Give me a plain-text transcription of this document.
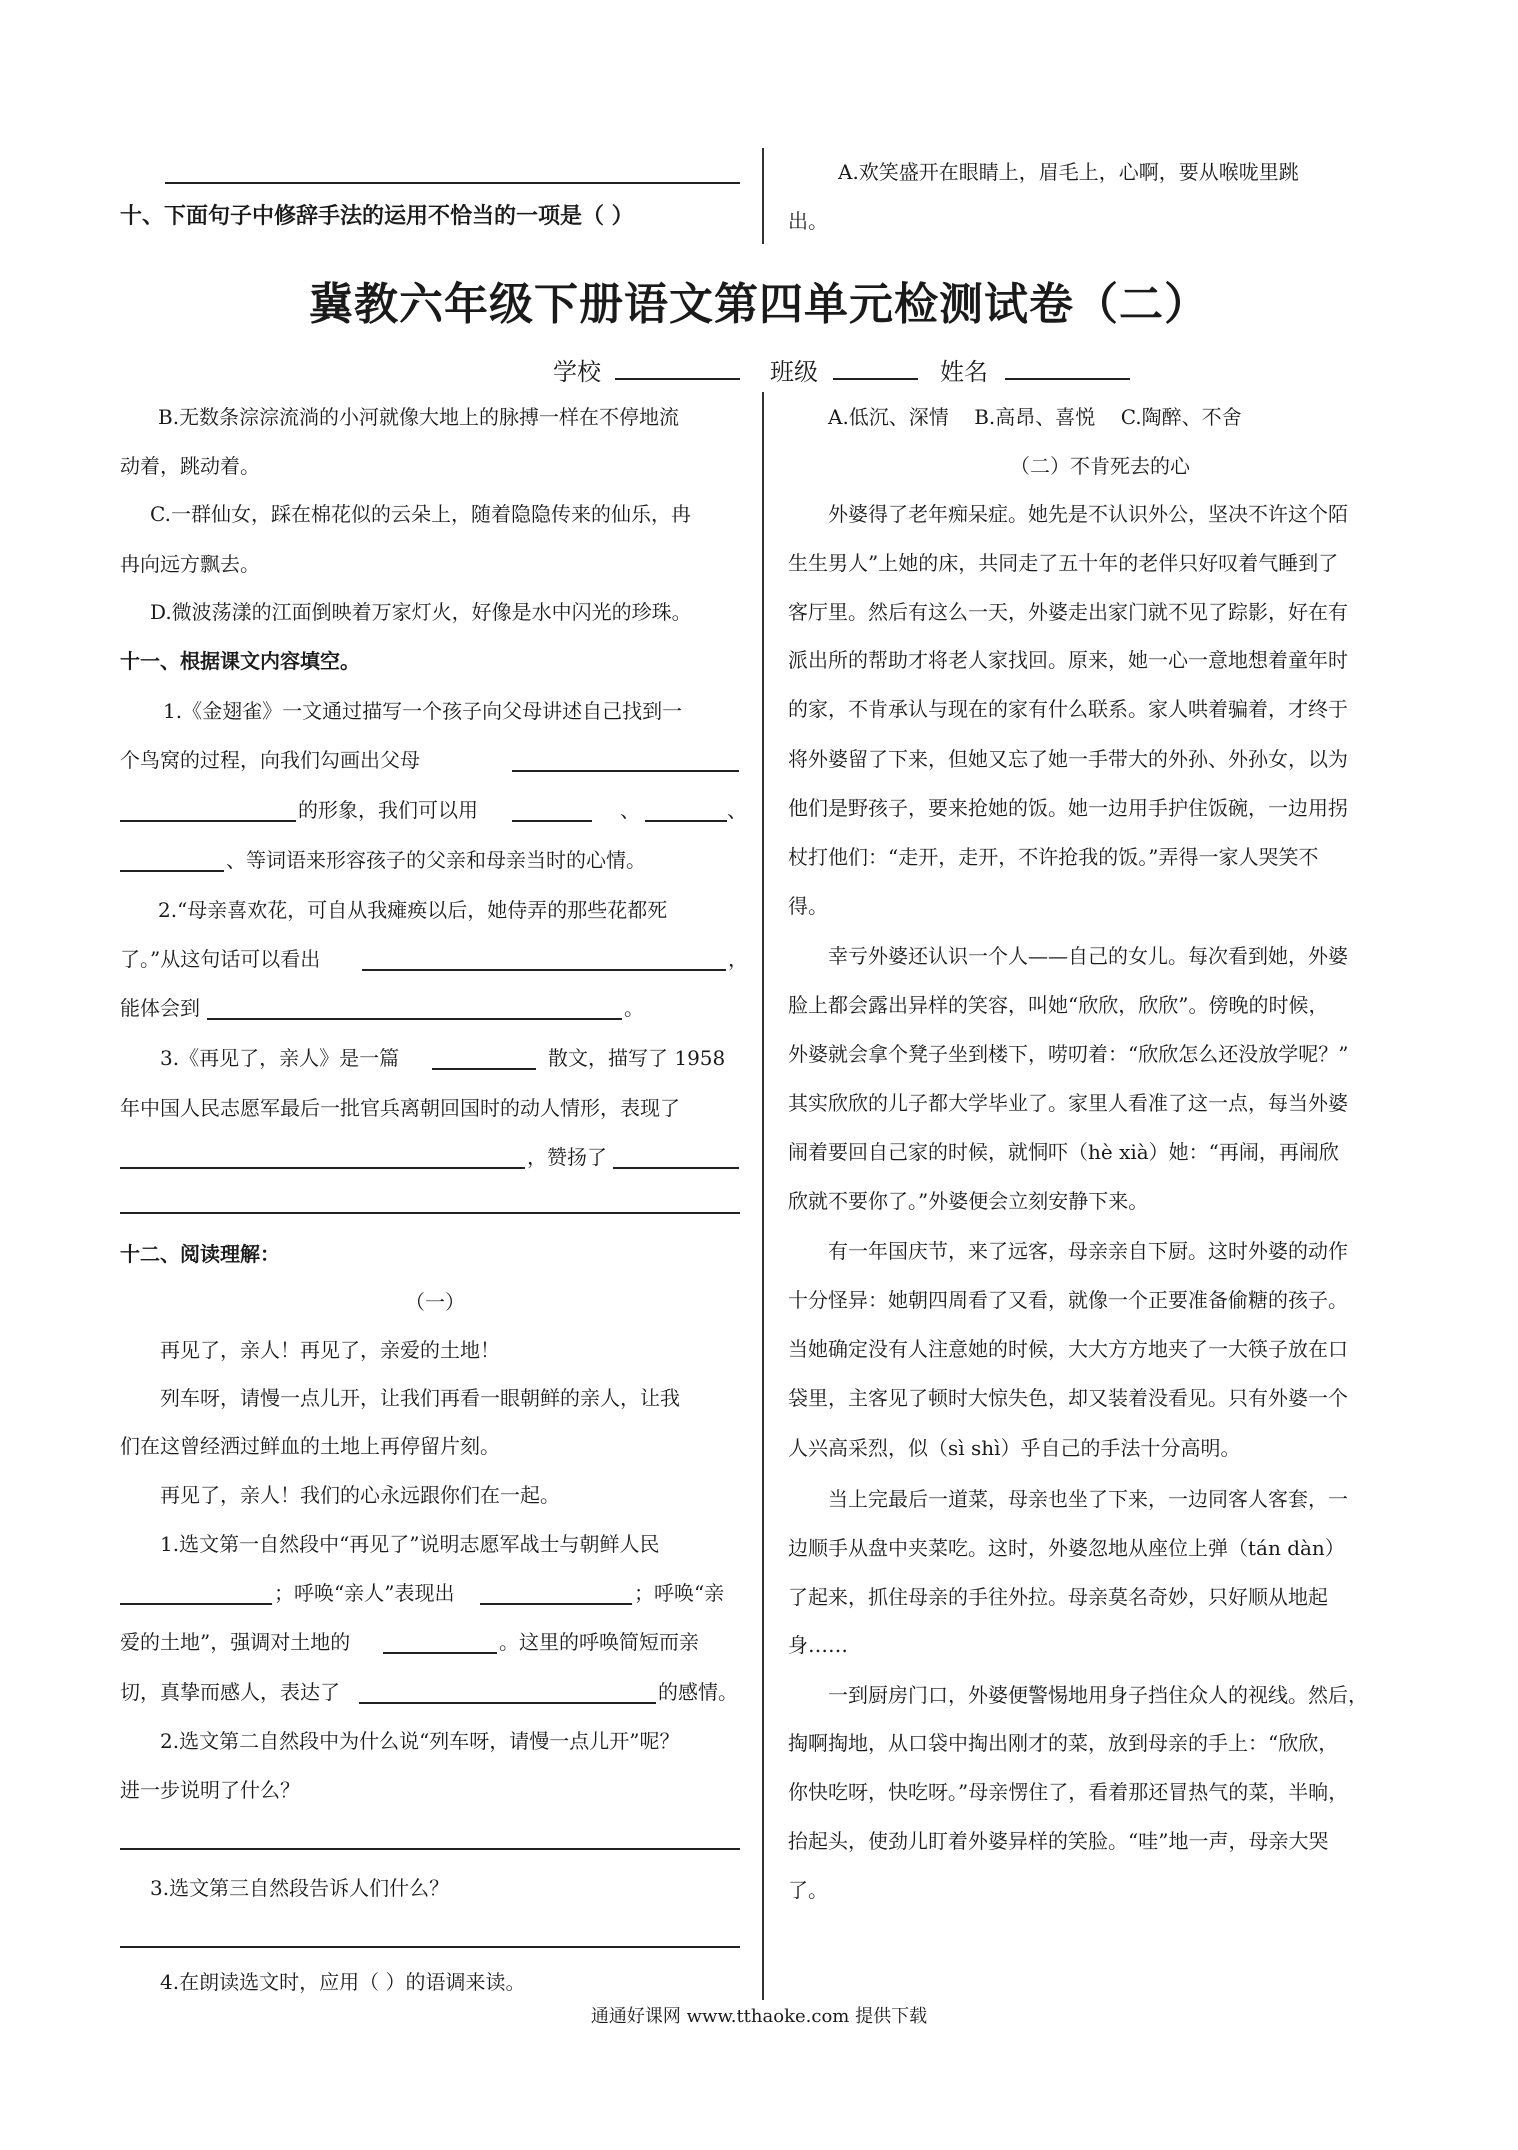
十、下面句子中修辞手法的运用不恰当的一项是（ ）
A.欢笑盛开在眼睛上，眉毛上，心啊，要从喉咙里跳
出。
冀教六年级下册语文第四单元检测试卷（二）
学校	班级	姓名
B.无数条淙淙流淌的小河就像大地上的脉搏一样在不停地流
动着，跳动着。
C.一群仙女，踩在棉花似的云朵上，随着隐隐传来的仙乐，冉
冉向远方飘去。
D.微波荡漾的江面倒映着万家灯火，好像是水中闪光的珍珠。
十一、根据课文内容填空。
1.《金翅雀》一文通过描写一个孩子向父母讲述自己找到一
个鸟窝的过程，向我们勾画出父母
的形象，我们可以用	、	、
、等词语来形容孩子的父亲和母亲当时的心情。
2.“母亲喜欢花，可自从我瘫痪以后，她侍弄的那些花都死
了。”从这句话可以看出	，
能体会到	。
3.《再见了，亲人》是一篇	散文，描写了 1958
年中国人民志愿军最后一批官兵离朝回国时的动人情形，表现了
，赞扬了
十二、阅读理解：
（一）
再见了，亲人！再见了，亲爱的土地！
列车呀，请慢一点儿开，让我们再看一眼朝鲜的亲人，让我
们在这曾经洒过鲜血的土地上再停留片刻。
再见了，亲人！我们的心永远跟你们在一起。
1.选文第一自然段中“再见了”说明志愿军战士与朝鲜人民
；呼唤“亲人”表现出	；呼唤“亲
爱的土地”，强调对土地的	。这里的呼唤简短而亲
切，真挚而感人，表达了	的感情。
2.选文第二自然段中为什么说“列车呀，请慢一点儿开”呢？
进一步说明了什么？
3.选文第三自然段告诉人们什么？
4.在朗读选文时，应用（ ）的语调来读。
A.低沉、深情    B.高昂、喜悦    C.陶醉、不舍
（二）不肯死去的心
外婆得了老年痴呆症。她先是不认识外公，坚决不许这个陌
生生男人”上她的床，共同走了五十年的老伴只好叹着气睡到了
客厅里。然后有这么一天，外婆走出家门就不见了踪影，好在有
派出所的帮助才将老人家找回。原来，她一心一意地想着童年时
的家，不肯承认与现在的家有什么联系。家人哄着骗着，才终于
将外婆留了下来，但她又忘了她一手带大的外孙、外孙女，以为
他们是野孩子，要来抢她的饭。她一边用手护住饭碗，一边用拐
杖打他们：“走开，走开，不许抢我的饭。”弄得一家人哭笑不
得。
幸亏外婆还认识一个人——自己的女儿。每次看到她，外婆
脸上都会露出异样的笑容，叫她“欣欣，欣欣”。傍晚的时候，
外婆就会拿个凳子坐到楼下，唠叨着：“欣欣怎么还没放学呢？”
其实欣欣的儿子都大学毕业了。家里人看准了这一点，每当外婆
闹着要回自己家的时候，就恫吓（hè xià）她：“再闹，再闹欣
欣就不要你了。”外婆便会立刻安静下来。
有一年国庆节，来了远客，母亲亲自下厨。这时外婆的动作
十分怪异：她朝四周看了又看，就像一个正要准备偷糖的孩子。
当她确定没有人注意她的时候，大大方方地夹了一大筷子放在口
袋里，主客见了顿时大惊失色，却又装着没看见。只有外婆一个
人兴高采烈，似（sì shì）乎自己的手法十分高明。
当上完最后一道菜，母亲也坐了下来，一边同客人客套，一
边顺手从盘中夹菜吃。这时，外婆忽地从座位上弹（tán dàn）
了起来，抓住母亲的手往外拉。母亲莫名奇妙，只好顺从地起
身……
一到厨房门口，外婆便警惕地用身子挡住众人的视线。然后，
掏啊掏地，从口袋中掏出刚才的菜，放到母亲的手上：“欣欣，
你快吃呀，快吃呀。”母亲愣住了，看着那还冒热气的菜，半晌，
抬起头，使劲儿盯着外婆异样的笑脸。“哇”地一声，母亲大哭
了。
通通好课网 www.tthaoke.com 提供下载
